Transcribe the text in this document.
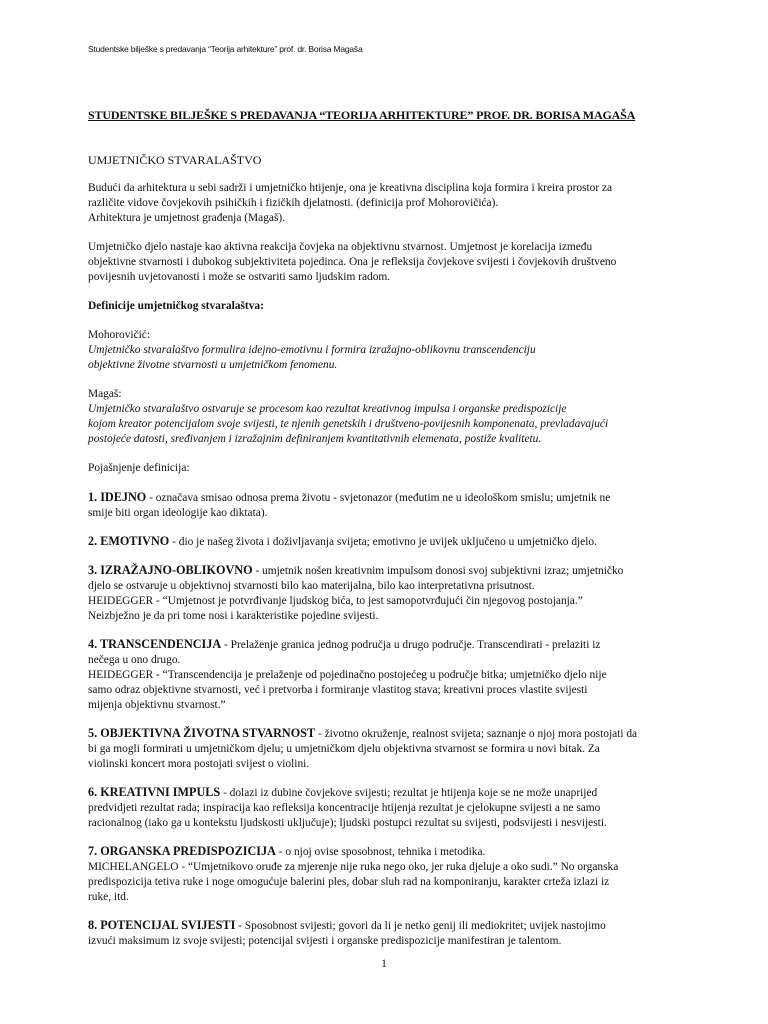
Studentske bilješke s predavanja “Teorija arhitekture” prof. dr. Borisa Magaša
STUDENTSKE BILJEŠKE S PREDAVANJA “TEORIJA ARHITEKTURE” PROF. DR. BORISA MAGAŠA
UMJETNIČKO STVARALAŠTVO
Budući da arhitektura u sebi sadrži i umjetničko htijenje, ona je kreativna disciplina koja formira i kreira prostor za
različite vidove čovjekovih psihičkih i fizičkih djelatnosti. (definicija prof Mohorovičića).
Arhitektura je umjetnost građenja (Magaš).
Umjetničko djelo nastaje kao aktivna reakcija čovjeka na objektivnu stvarnost. Umjetnost je korelacija između
objektivne stvarnosti i dubokog subjektiviteta pojedinca. Ona je refleksija čovjekove svijesti i čovjekovih društveno
povijesnih uvjetovanosti i može se ostvariti samo ljudskim radom.
Definicije umjetničkog stvaralaštva:
Mohorovičić:
Umjetničko stvaralaštvo formulira idejno-emotivnu i formira izražajno-oblikovnu transcendenciju
objektivne životne stvarnosti u umjetničkom fenomenu.
Magaš:
Umjetničko stvaralaštvo ostvaruje se procesom kao rezultat kreativnog impulsa i organske predispozicije
kojom kreator potencijalom svoje svijesti, te njenih genetskih i društveno-povijesnih komponenata, prevladavajući
postojeće datosti, sređivanjem i izražajnim definiranjem kvantitativnih elemenata, postiže kvalitetu.
Pojašnjenje definicija:
1. IDEJNO - označava smisao odnosa prema životu - svjetonazor (međutim ne u ideološkom smislu; umjetnik ne
smije biti organ ideologije kao diktata).
2. EMOTIVNO - dio je našeg života i doživljavanja svijeta; emotivno je uvijek uključeno u umjetničko djelo.
3. IZRAŽAJNO-OBLIKOVNO - umjetnik nošen kreativnim impulsom donosi svoj subjektivni izraz; umjetničko
djelo se ostvaruje u objektivnoj stvarnosti bilo kao materijalna, bilo kao interpretativna prisutnost.
HEIDEGGER - “Umjetnost je potvrđivanje ljudskog bića, to jest samopotvrđujući čin njegovog postojanja.”
Neizbježno je da pri tome nosi i karakteristike pojedine svijesti.
4. TRANSCENDENCIJA - Prelaženje granica jednog područja u drugo područje. Transcendirati - prelaziti iz
nečega u ono drugo.
HEIDEGGER - “Transcendencija je prelaženje od pojedinačno postojećeg u područje bitka; umjetničko djelo nije
samo odraz objektivne stvarnosti, već i pretvorba i formiranje vlastitog stava; kreativni proces vlastite svijesti
mijenja objektivnu stvarnost.”
5. OBJEKTIVNA ŽIVOTNA STVARNOST - životno okruženje, realnost svijeta; saznanje o njoj mora postojati da
bi ga mogli formirati u umjetničkom djelu; u umjetničkom djelu objektivna stvarnost se formira u novi bitak. Za
violinski koncert mora postojati svijest o violini.
6. KREATIVNI IMPULS - dolazi iz dubine čovjekove svijesti; rezultat je htijenja koje se ne može unaprijed
predvidjeti rezultat rada; inspiracija kao refleksija koncentracije htijenja rezultat je cjelokupne svijesti a ne samo
racionalnog (iako ga u kontekstu ljudskosti uključuje); ljudski postupci rezultat su svijesti, podsvijesti i nesvijesti.
7. ORGANSKA PREDISPOZICIJA - o njoj ovise sposobnost, tehnika i metodika.
MICHELANGELO - “Umjetnikovo oruđe za mjerenje nije ruka nego oko, jer ruka djeluje a oko sudi.” No organska
predispozicija tetiva ruke i noge omogućuje balerini ples, dobar sluh rad na komponiranju, karakter crteža izlazi iz
ruke, itd.
8. POTENCIJAL SVIJESTI - Sposobnost svijesti; govori da li je netko genij ili mediokritet; uvijek nastojimo
izvući maksimum iz svoje svijesti; potencijal svijesti i organske predispozicije manifestiran je talentom.
1
